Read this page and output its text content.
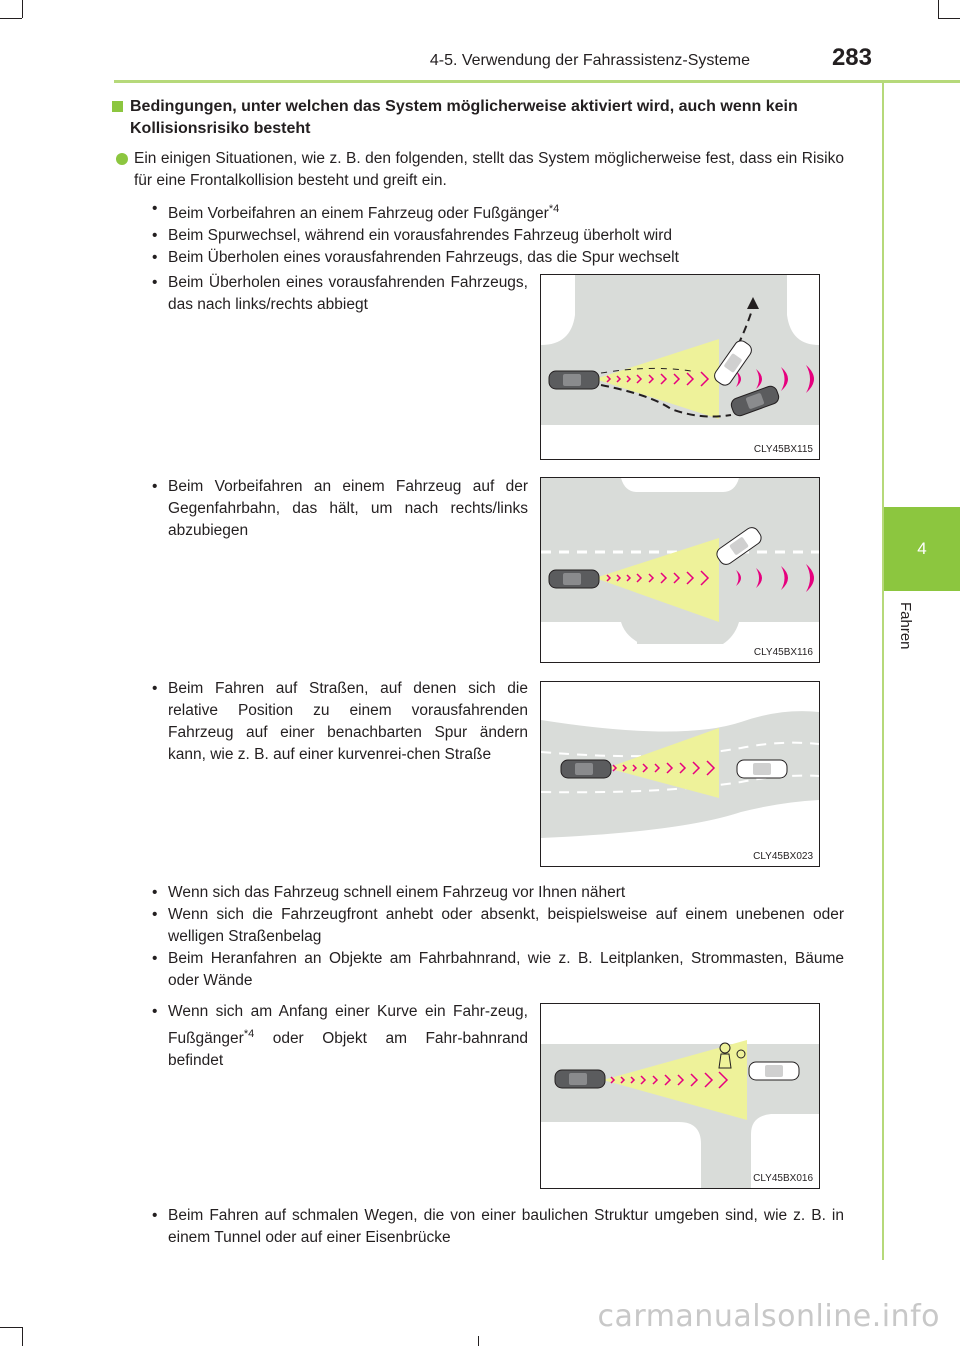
4-5. Verwendung der Fahrassistenz-Systeme	283
4
Fahren

Bedingungen, unter welchen das System möglicherweise aktiviert wird, auch wenn kein Kollisionsrisiko besteht

Ein einigen Situationen, wie z. B. den folgenden, stellt das System möglicherweise fest, dass ein Risiko für eine Frontalkollision besteht und greift ein.

• Beim Vorbeifahren an einem Fahrzeug oder Fußgänger$^{*4}$

• Beim Spurwechsel, während ein vorausfahrendes Fahrzeug überholt wird

• Beim Überholen eines vorausfahrenden Fahrzeugs, das die Spur wechselt

• Beim Überholen eines vorausfahrenden Fahrzeugs, das nach links/rechts abbiegt
• Beim Vorbeifahren an einem Fahrzeug auf der Gegenfahrbahn, das hält, um nach rechts/links abzubiegen
• Beim Fahren auf Straßen, auf denen sich die relative Position zu einem vorausfahrenden Fahrzeug auf einer benachbarten Spur ändern kann, wie z. B. auf einer kurvenrei-chen Straße
CLY45BX115
CLY45BX116
CLY45BX023

• Wenn sich das Fahrzeug schnell einem Fahrzeug vor Ihnen nähert

• Wenn sich die Fahrzeugfront anhebt oder absenkt, beispielsweise auf einem unebenen oder welligen Straßenbelag

• Beim Heranfahren an Objekte am Fahrbahnrand, wie z. B. Leitplanken, Strommasten, Bäume oder Wände

• Wenn sich am Anfang einer Kurve ein Fahr-zeug, Fußgänger$^{*4}$ oder Objekt am Fahr-bahnrand befindet
CLY45BX016

• Beim Fahren auf schmalen Wegen, die von einer baulichen Struktur umgeben sind, wie z. B. in einem Tunnel oder auf einer Eisenbrücke

carmanualsonline.info
